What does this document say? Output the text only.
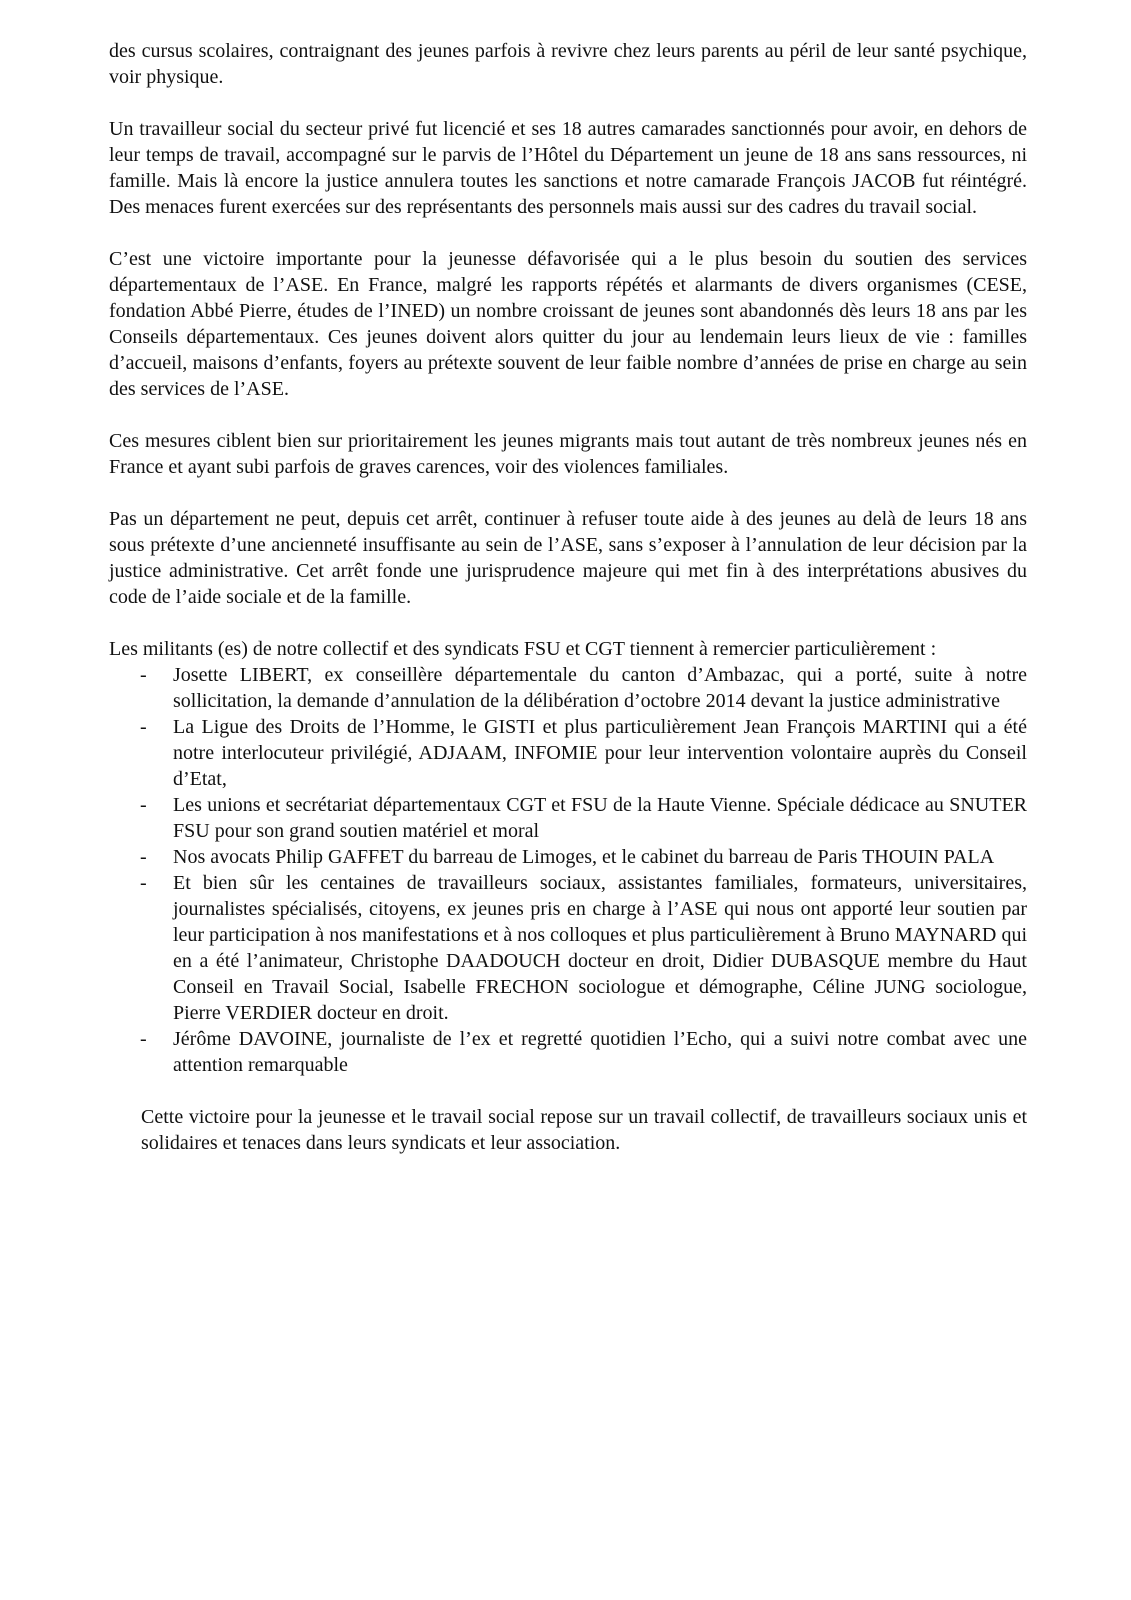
des cursus scolaires, contraignant des jeunes parfois à revivre chez leurs parents au péril de leur santé psychique, voir physique.

Un travailleur social du secteur privé fut licencié et ses 18 autres camarades sanctionnés pour avoir, en dehors de leur temps de travail, accompagné sur le parvis de l’Hôtel du Département un jeune de 18 ans sans ressources, ni famille. Mais là encore la justice annulera toutes les sanctions et notre camarade François JACOB fut réintégré. Des menaces furent exercées sur des représentants des personnels mais aussi sur des cadres du travail social.

C’est une victoire importante pour la jeunesse défavorisée qui a le plus besoin du soutien des services départementaux de l’ASE. En France, malgré les rapports répétés et alarmants de divers organismes (CESE, fondation Abbé Pierre, études de l’INED) un nombre croissant de jeunes sont abandonnés dès leurs 18 ans par les Conseils départementaux. Ces jeunes doivent alors quitter du jour au lendemain leurs lieux de vie : familles d’accueil, maisons d’enfants, foyers au prétexte souvent de leur faible nombre d’années de prise en charge au sein des services de l’ASE.

Ces mesures ciblent bien sur prioritairement les jeunes migrants mais tout autant de très nombreux jeunes nés en France et ayant subi parfois de graves carences, voir des violences familiales.

Pas un département ne peut, depuis cet arrêt, continuer à refuser toute aide à des jeunes au delà de leurs 18 ans sous prétexte d’une ancienneté insuffisante au sein de l’ASE, sans s’exposer à l’annulation de leur décision par la justice administrative. Cet arrêt fonde une jurisprudence majeure qui met fin à des interprétations abusives du code de l’aide sociale et de la famille.

Les militants (es) de notre collectif et des syndicats FSU et CGT tiennent à remercier particulièrement :

- Josette LIBERT, ex conseillère départementale du canton d’Ambazac, qui a porté, suite à notre sollicitation, la demande d’annulation de la délibération d’octobre 2014 devant la justice administrative
- La Ligue des Droits de l’Homme, le GISTI et plus particulièrement Jean François MARTINI qui a été notre interlocuteur privilégié, ADJAAM, INFOMIE pour leur intervention volontaire auprès du Conseil d’Etat,
- Les unions et secrétariat départementaux CGT et FSU de la Haute Vienne. Spéciale dédicace au SNUTER FSU pour son grand soutien matériel et moral
- Nos avocats Philip GAFFET du barreau de Limoges, et le cabinet du barreau de Paris THOUIN PALA
- Et bien sûr les centaines de travailleurs sociaux, assistantes familiales, formateurs, universitaires, journalistes spécialisés, citoyens, ex jeunes pris en charge à l’ASE qui nous ont apporté leur soutien par leur participation à nos manifestations et à nos colloques et plus particulièrement à Bruno MAYNARD qui en a été l’animateur, Christophe DAADOUCH docteur en droit, Didier DUBASQUE membre du Haut Conseil en Travail Social, Isabelle FRECHON sociologue et démographe, Céline JUNG sociologue, Pierre VERDIER docteur en droit.
- Jérôme DAVOINE, journaliste de l’ex et regretté quotidien l’Echo, qui a suivi notre combat avec une attention remarquable

Cette victoire pour la jeunesse et le travail social repose sur un travail collectif, de travailleurs sociaux unis et solidaires et tenaces dans leurs syndicats et leur association.
